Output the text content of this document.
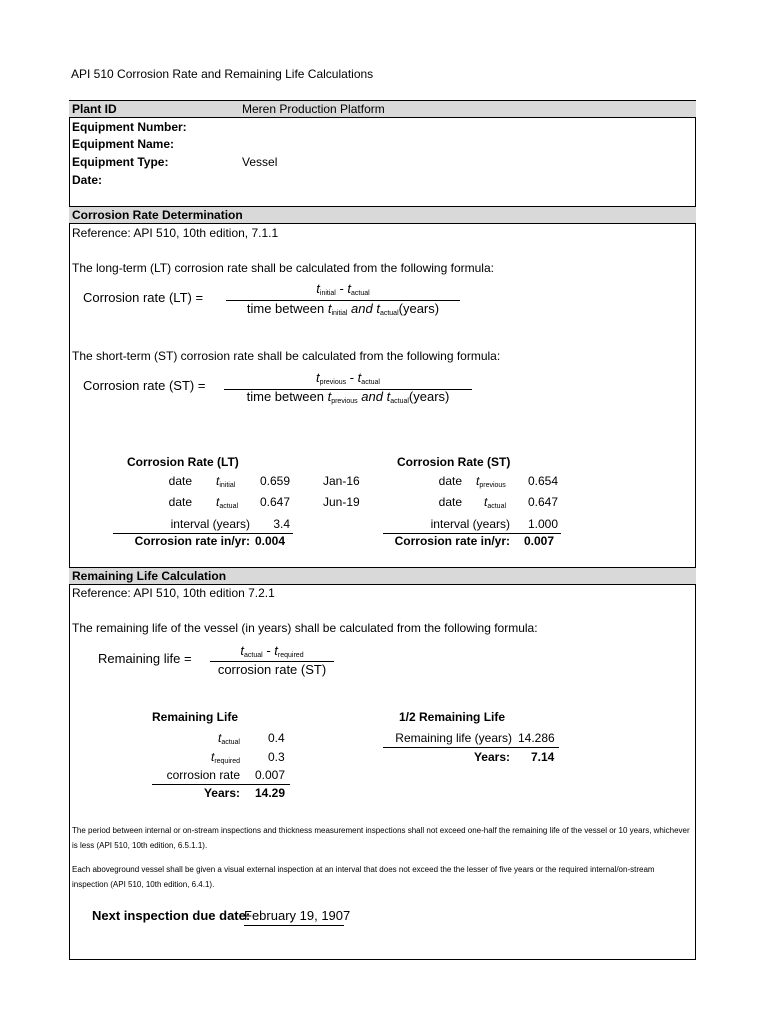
API 510 Corrosion Rate and Remaining Life Calculations
Plant ID	Meren Production Platform
Equipment Number:
Equipment Name:
Equipment Type:	Vessel
Date:
Corrosion Rate Determination
Reference: API 510, 10th edition, 7.1.1
The long-term (LT) corrosion rate shall be calculated from the following formula:
Corrosion rate (LT) =
$t_{initial} - t_{actual}$
time between $t_{initial}$ and $t_{actual}(years)$
The short-term (ST) corrosion rate shall be calculated from the following formula:
Corrosion rate (ST) =
$t_{previous} - t_{actual}$
time between $t_{previous}$ and $t_{actual}(years)$
Corrosion Rate (LT)
date $t_{initial}$	0.659	Jan-16
date $t_{actual}$	0.647	Jun-19
interval (years)	3.4
Corrosion rate in/yr: 0.004
Corrosion Rate (ST)
date $t_{previous}$	0.654
date $t_{actual}$	0.647
interval (years)	1.000
Corrosion rate in/yr: 0.007
Remaining Life Calculation
Reference: API 510, 10th edition 7.2.1
The remaining life of the vessel (in years) shall be calculated from the following formula:
Remaining life =
$t_{actual} - t_{required}$
corrosion rate (ST)
Remaining Life
$t_{actual}$ 0.4
$t_{required}$ 0.3
corrosion rate 0.007
Years: 14.29
1/2 Remaining Life
Remaining life (years) 14.286
Years: 7.14
The period between internal or on-stream inspections and thickness measurement inspections shall not exceed one-half the remaining life of the vessel or 10 years, whichever is less (API 510, 10th edition, 6.5.1.1).
Each aboveground vessel shall be given a visual external inspection at an interval that does not exceed the the lesser of five years or the required internal/on-stream inspection (API 510, 10th edition, 6.4.1).
Next inspection due date:
February 19, 1907
